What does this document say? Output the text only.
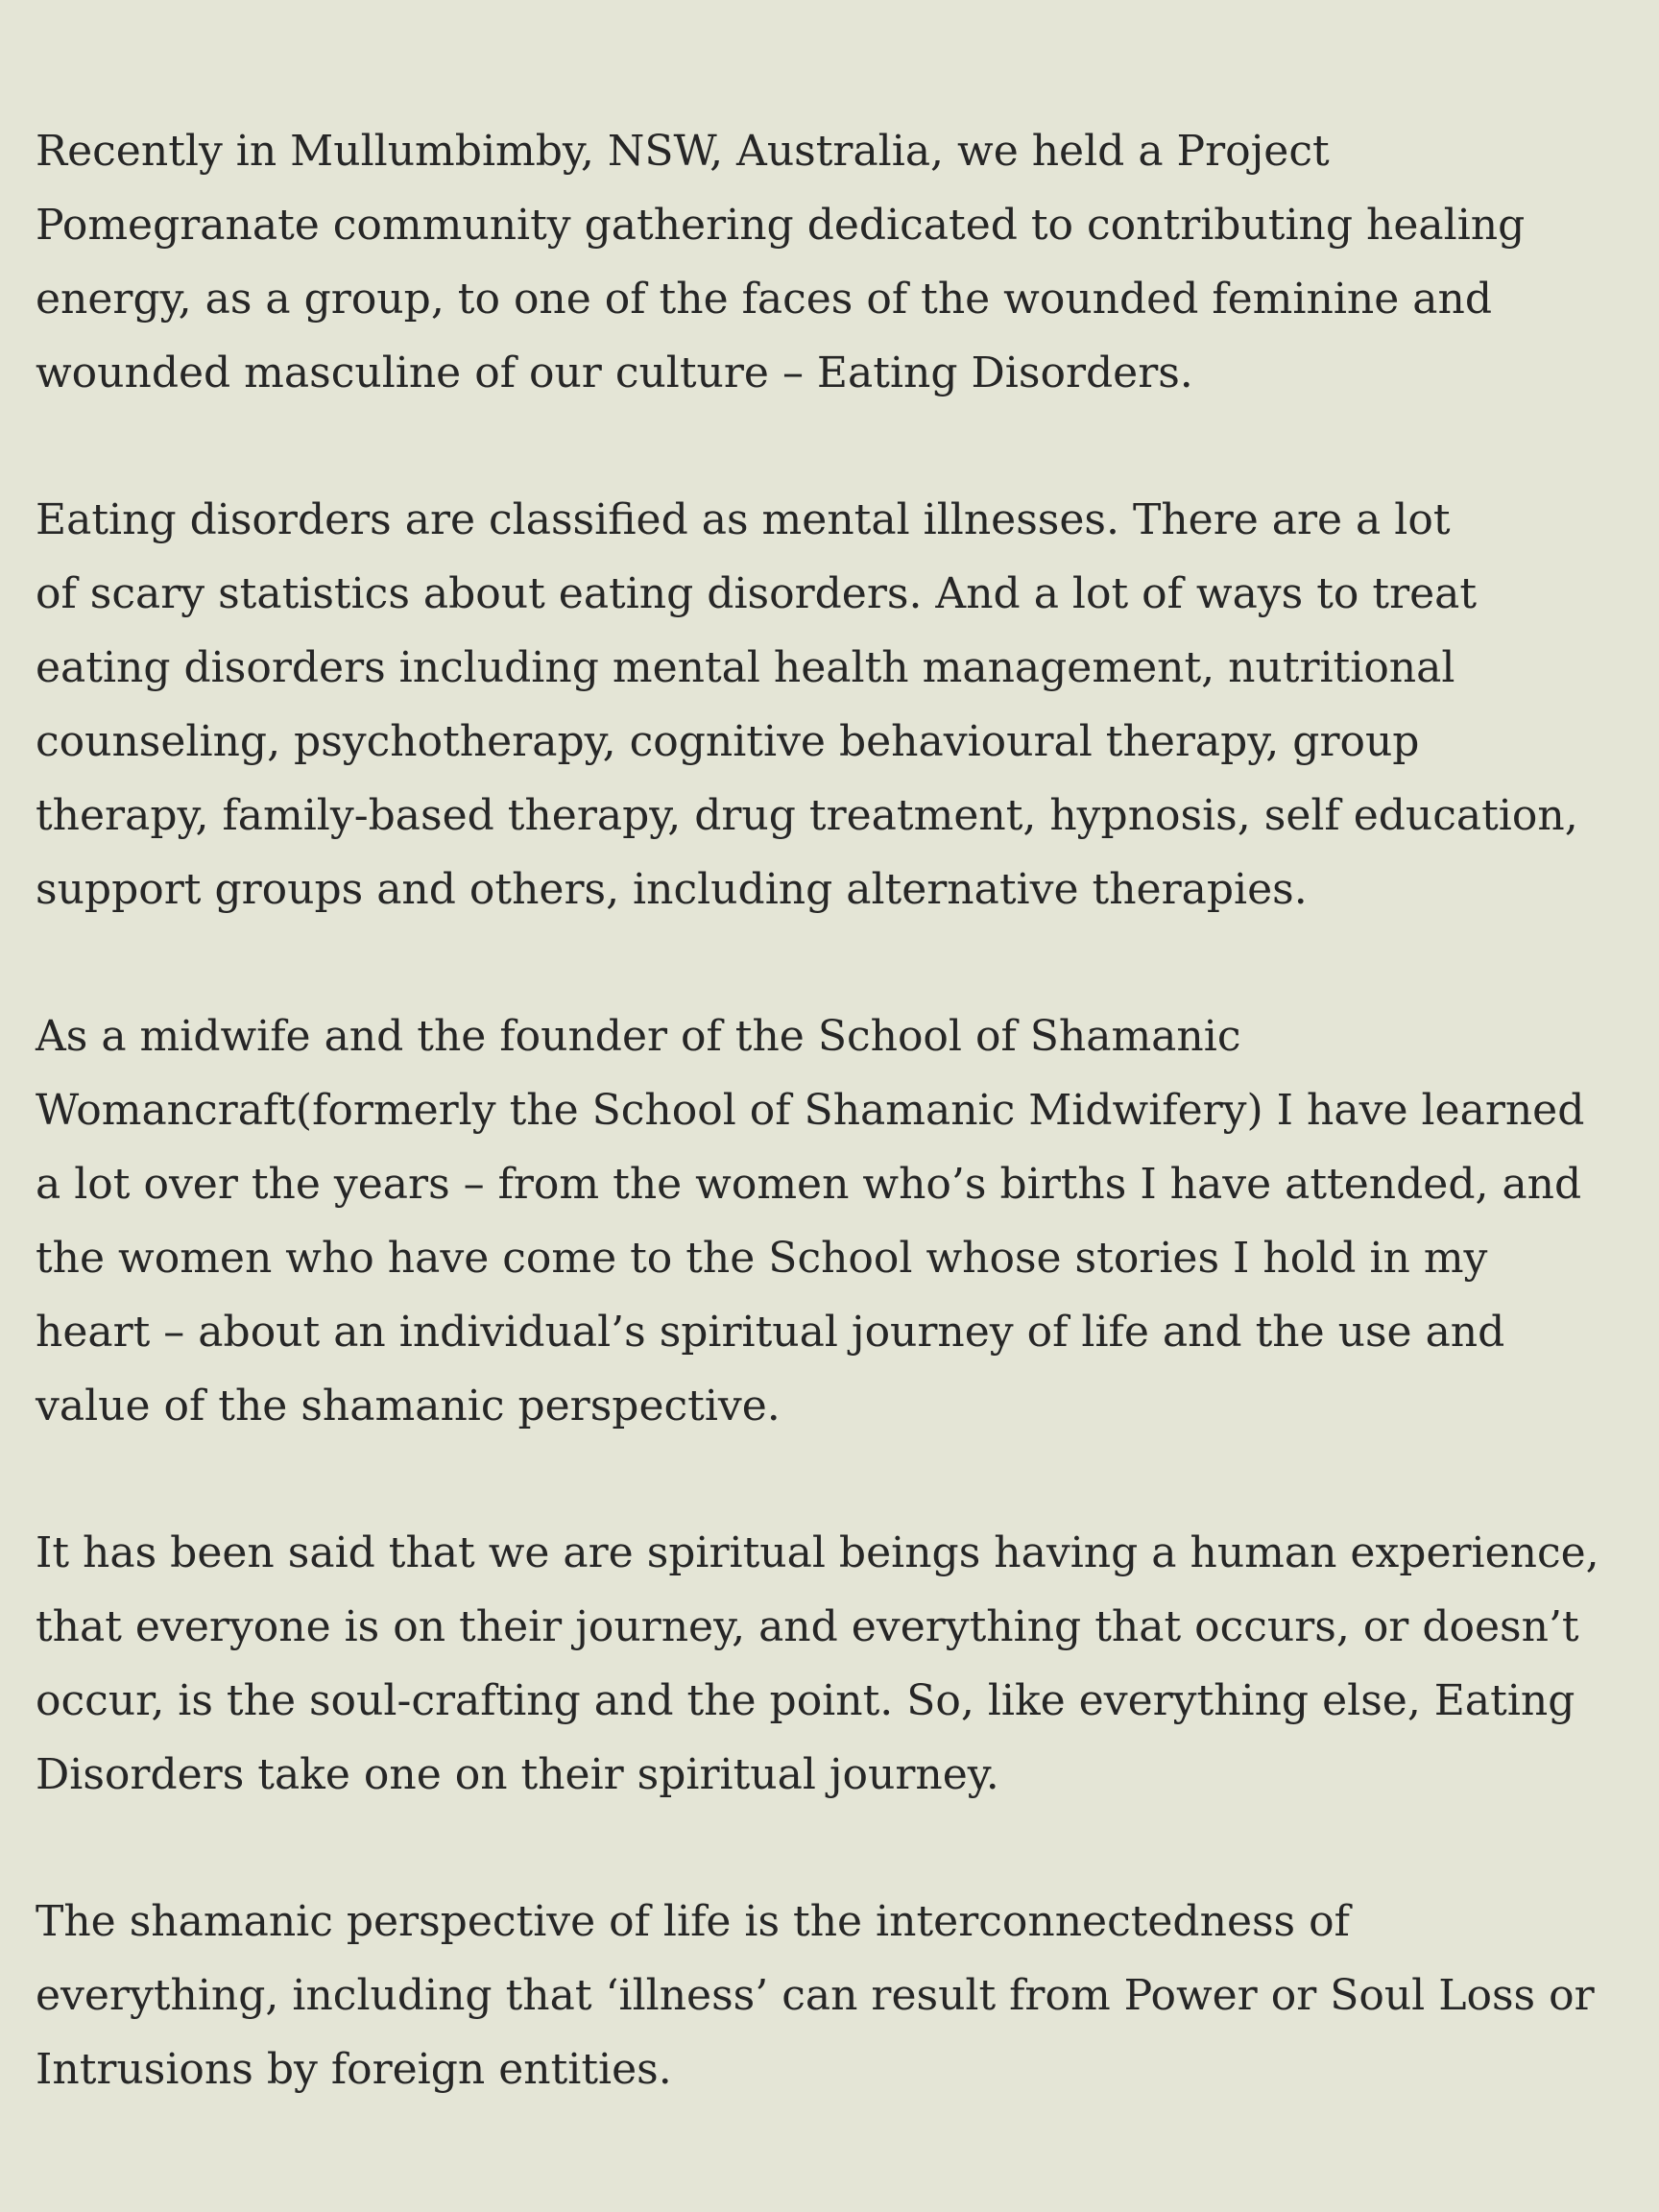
Recently in Mullumbimby, NSW, Australia, we held a Project
Pomegranate community gathering dedicated to contributing healing
energy, as a group, to one of the faces of the wounded feminine and
wounded masculine of our culture – Eating Disorders.

Eating disorders are classified as mental illnesses. There are a lot
of scary statistics about eating disorders. And a lot of ways to treat
eating disorders including mental health management, nutritional
counseling, psychotherapy, cognitive behavioural therapy, group
therapy, family-based therapy, drug treatment, hypnosis, self education,
support groups and others, including alternative therapies.

As a midwife and the founder of the School of Shamanic
Womancraft(formerly the School of Shamanic Midwifery) I have learned
a lot over the years – from the women who’s births I have attended, and
the women who have come to the School whose stories I hold in my
heart – about an individual’s spiritual journey of life and the use and
value of the shamanic perspective.

It has been said that we are spiritual beings having a human experience,
that everyone is on their journey, and everything that occurs, or doesn’t
occur, is the soul-crafting and the point. So, like everything else, Eating
Disorders take one on their spiritual journey.

The shamanic perspective of life is the interconnectedness of
everything, including that ‘illness’ can result from Power or Soul Loss or
Intrusions by foreign entities.
